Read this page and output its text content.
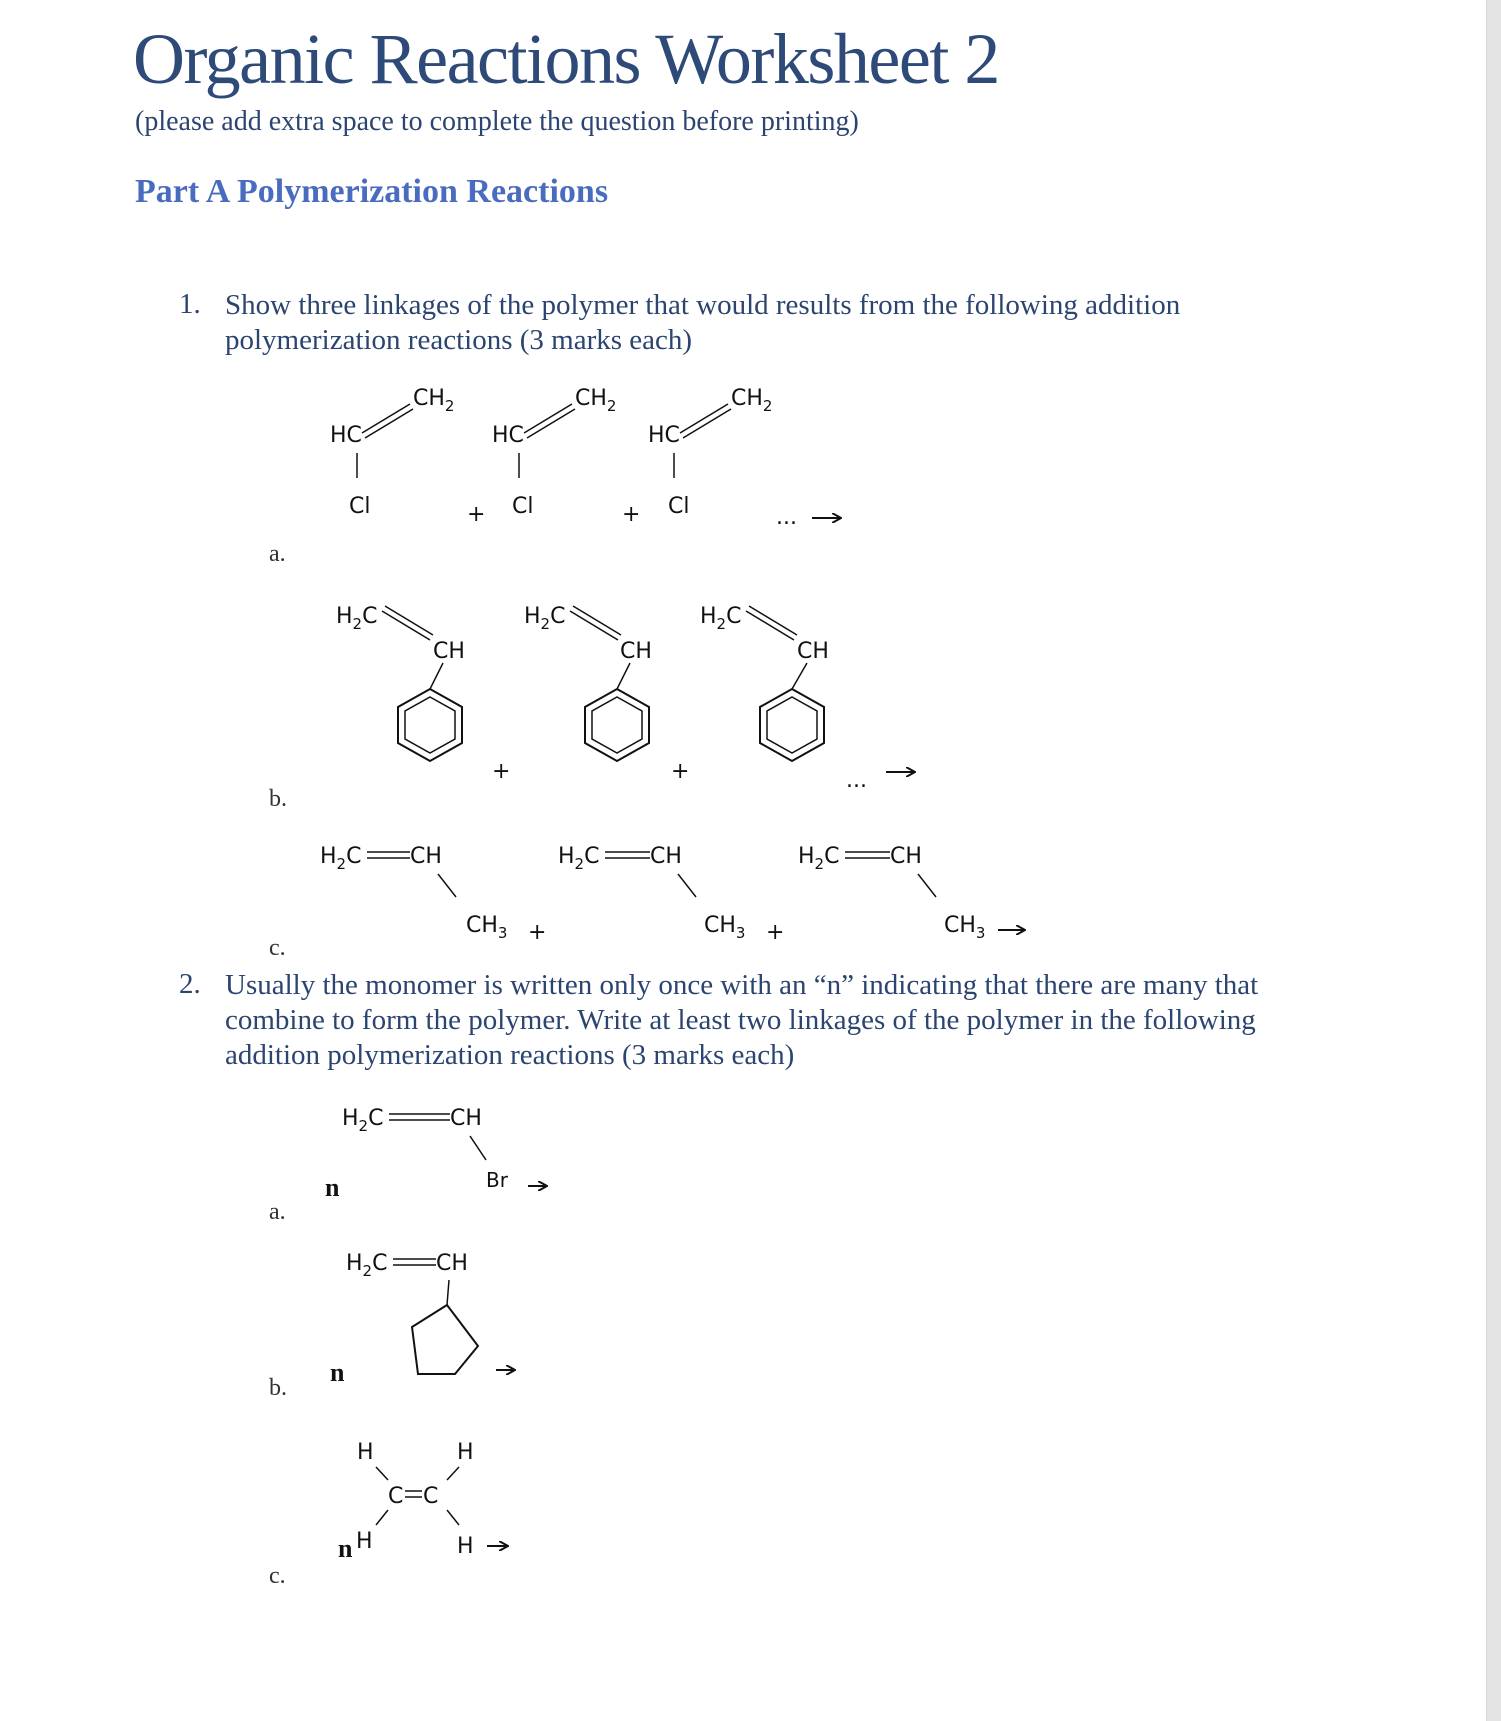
Organic Reactions Worksheet 2
(please add extra space to complete the question before printing)
Part A Polymerization Reactions
1. Show three linkages of the polymer that would results from the following addition polymerization reactions (3 marks each)
a.
b.
c.
2. Usually the monomer is written only once with an “n” indicating that there are many that combine to form the polymer. Write at least two linkages of the polymer in the following addition polymerization reactions (3 marks each)
a.
b.
c.
HC
$CH_2$
Cl	+
HC
$CH_2$
Cl	+
HC
$CH_2$
Cl	...
$H_2C$
CH
+
$H_2C$
CH
+
$H_2C$
CH
...
$H_2C$ CH
$CH_3$ +
$H_2C$ CH
$CH_3$ +
$H_2C$ CH
$CH_3$
n
$H_2C$	CH
Br
n
$H_2C$ CH
H	H
C C
n H	H
